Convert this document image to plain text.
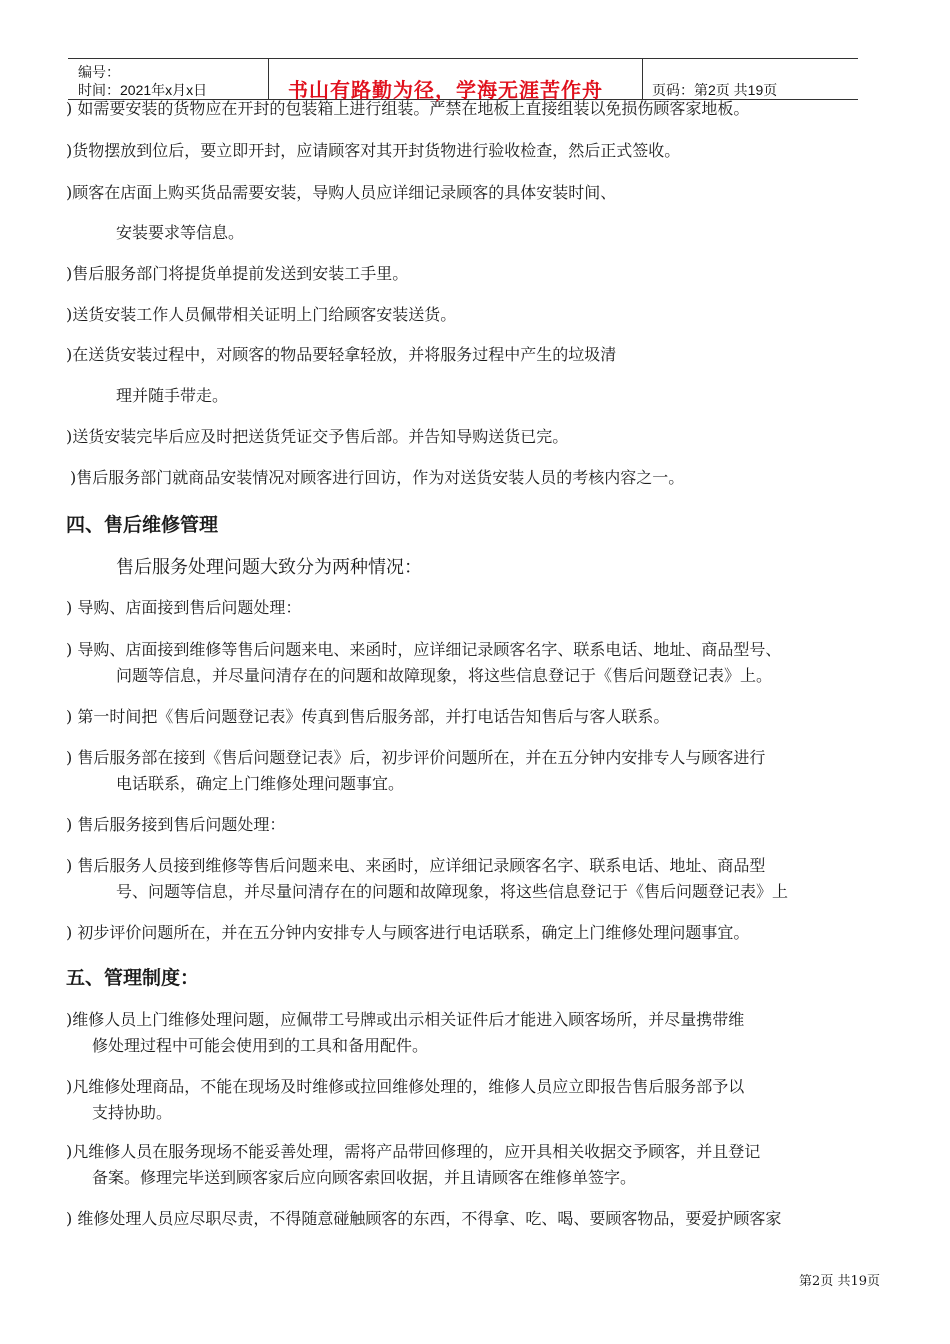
编号：
时间：2021年x月x日	书山有路勤为径，学海无涯苦作舟	页码：第2页 共19页
) 如需要安装的货物应在开封的包装箱上进行组装。严禁在地板上直接组装以免损伤顾客家地板。
)货物摆放到位后，要立即开封，应请顾客对其开封货物进行验收检查，然后正式签收。
)顾客在店面上购买货品需要安装，导购人员应详细记录顾客的具体安装时间、
安装要求等信息。
)售后服务部门将提货单提前发送到安装工手里。
)送货安装工作人员佩带相关证明上门给顾客安装送货。
)在送货安装过程中，对顾客的物品要轻拿轻放，并将服务过程中产生的垃圾清
理并随手带走。
)送货安装完毕后应及时把送货凭证交予售后部。并告知导购送货已完。
)售后服务部门就商品安装情况对顾客进行回访，作为对送货安装人员的考核内容之一。
四、售后维修管理
售后服务处理问题大致分为两种情况：
) 导购、店面接到售后问题处理：
) 导购、店面接到维修等售后问题来电、来函时，应详细记录顾客名字、联系电话、地址、商品型号、
问题等信息，并尽量问清存在的问题和故障现象，将这些信息登记于《售后问题登记表》上。
) 第一时间把《售后问题登记表》传真到售后服务部，并打电话告知售后与客人联系。
) 售后服务部在接到《售后问题登记表》后，初步评价问题所在，并在五分钟内安排专人与顾客进行
电话联系，确定上门维修处理问题事宜。
) 售后服务接到售后问题处理：
) 售后服务人员接到维修等售后问题来电、来函时，应详细记录顾客名字、联系电话、地址、商品型
号、问题等信息，并尽量问清存在的问题和故障现象，将这些信息登记于《售后问题登记表》上
) 初步评价问题所在，并在五分钟内安排专人与顾客进行电话联系，确定上门维修处理问题事宜。
五、管理制度：
)维修人员上门维修处理问题，应佩带工号牌或出示相关证件后才能进入顾客场所，并尽量携带维
修处理过程中可能会使用到的工具和备用配件。
)凡维修处理商品，不能在现场及时维修或拉回维修处理的，维修人员应立即报告售后服务部予以
支持协助。
)凡维修人员在服务现场不能妥善处理，需将产品带回修理的，应开具相关收据交予顾客，并且登记
备案。修理完毕送到顾客家后应向顾客索回收据，并且请顾客在维修单签字。
) 维修处理人员应尽职尽责，不得随意碰触顾客的东西，不得拿、吃、喝、要顾客物品，要爱护顾客家
第2页 共19页
